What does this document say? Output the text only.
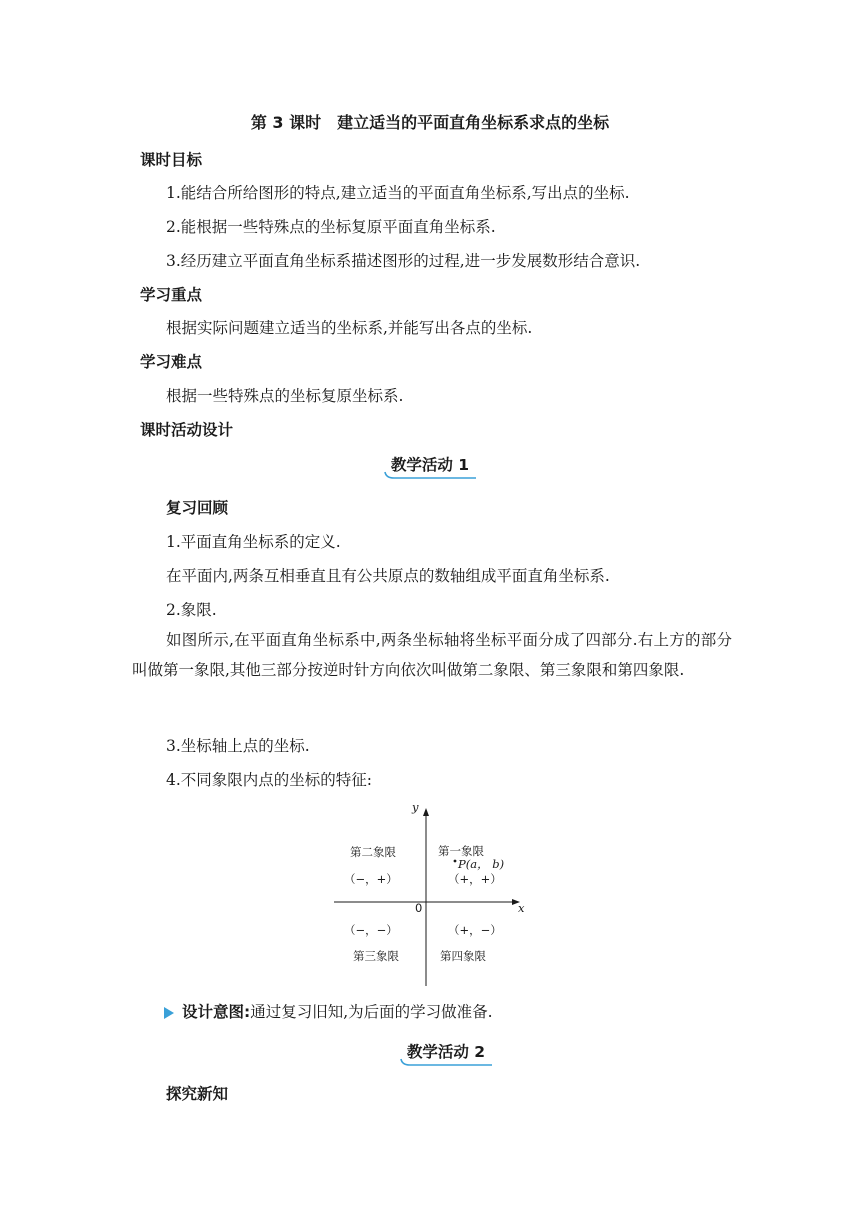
第 3 课时　建立适当的平面直角坐标系求点的坐标
课时目标
1.能结合所给图形的特点,建立适当的平面直角坐标系,写出点的坐标.
2.能根据一些特殊点的坐标复原平面直角坐标系.
3.经历建立平面直角坐标系描述图形的过程,进一步发展数形结合意识.
学习重点
根据实际问题建立适当的坐标系,并能写出各点的坐标.
学习难点
根据一些特殊点的坐标复原坐标系.
课时活动设计
教学活动 1
复习回顾
1.平面直角坐标系的定义.
在平面内,两条互相垂直且有公共原点的数轴组成平面直角坐标系.
2.象限.
如图所示,在平面直角坐标系中,两条坐标轴将坐标平面分成了四部分.右上方的部分叫做第一象限,其他三部分按逆时针方向依次叫做第二象限、第三象限和第四象限.
3.坐标轴上点的坐标.
4.不同象限内点的坐标的特征:
y
x
0
第二象限	第一象限
P(a， b)
（−，+）	（+，+）
（−，−）	（+，−）
第三象限	第四象限
设计意图:通过复习旧知,为后面的学习做准备.
教学活动 2
探究新知
